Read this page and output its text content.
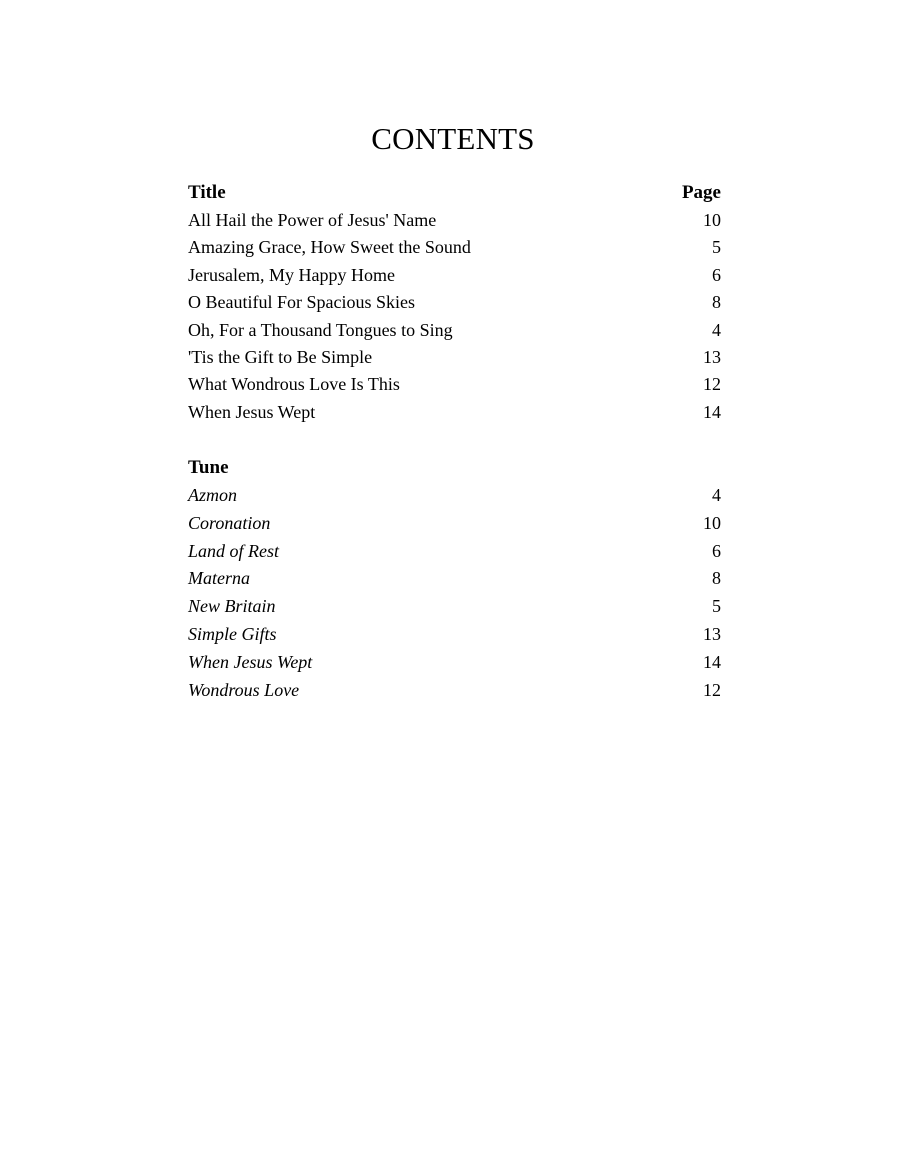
CONTENTS
Title	Page
All Hail the Power of Jesus' Name	10
Amazing Grace, How Sweet the Sound	5
Jerusalem, My Happy Home	6
O Beautiful For Spacious Skies	8
Oh, For a Thousand Tongues to Sing	4
'Tis the Gift to Be Simple	13
What Wondrous Love Is This	12
When Jesus Wept	14
Tune
Azmon	4
Coronation	10
Land of Rest	6
Materna	8
New Britain	5
Simple Gifts	13
When Jesus Wept	14
Wondrous Love	12
